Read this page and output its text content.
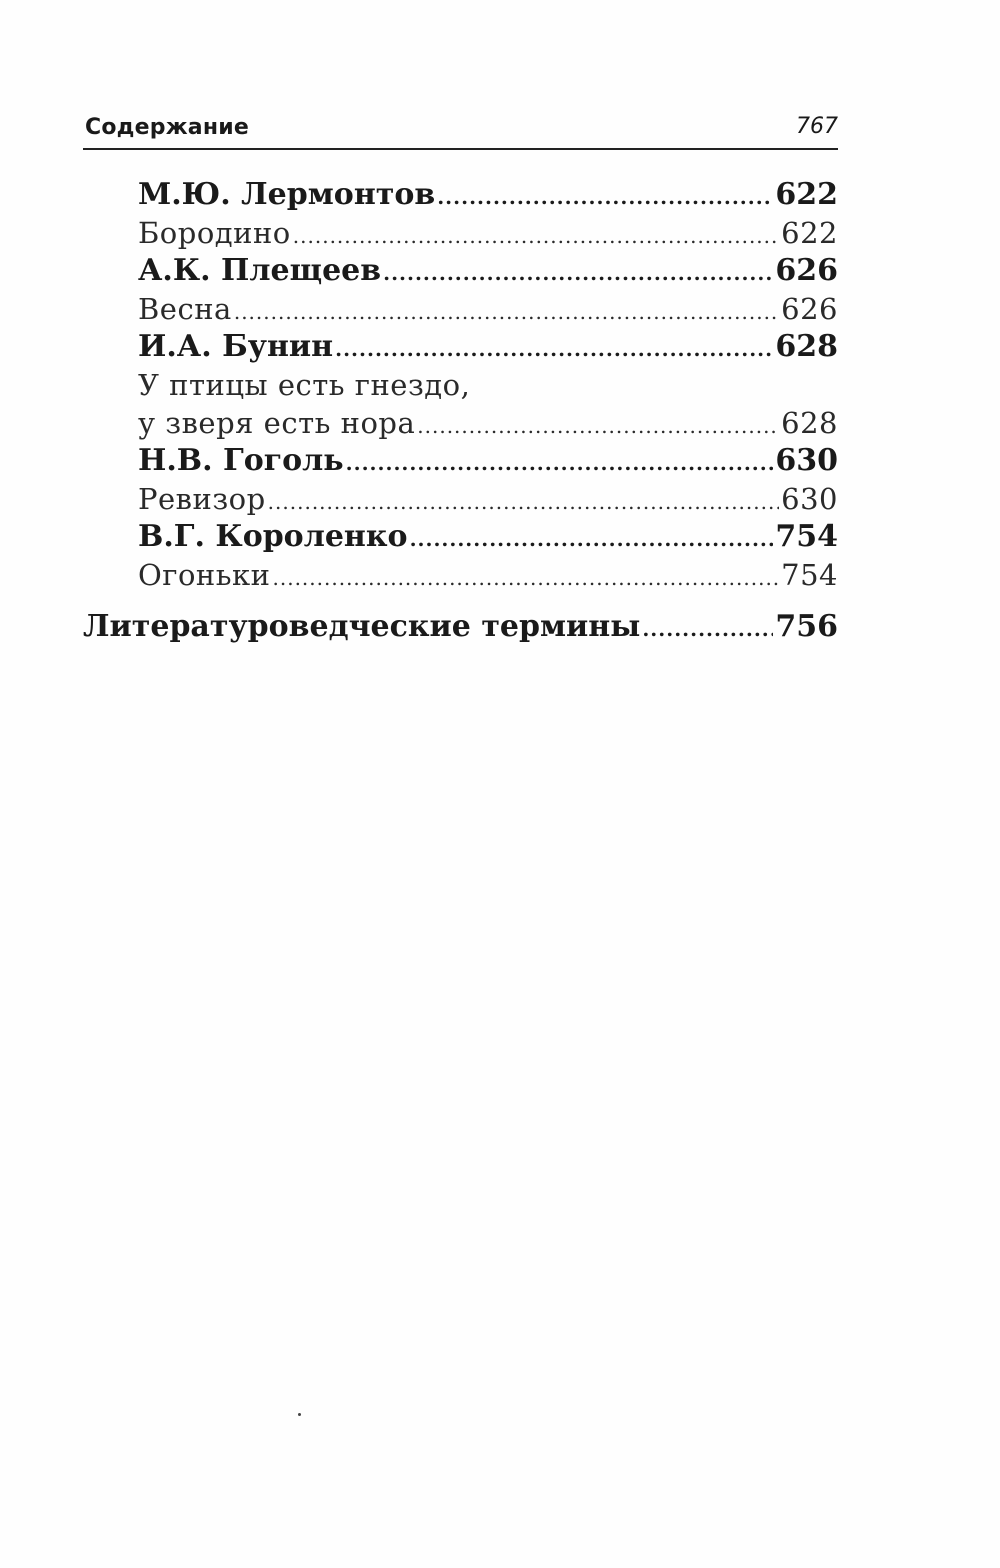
Содержание	767
М.Ю. Лермонтов .....	622
Бородино .....	622
А.К. Плещеев .....	626
Весна .....	626
И.А. Бунин .....	628
У птицы есть гнездо,
у зверя есть нора .....	628
Н.В. Гоголь .....	630
Ревизор .....	630
В.Г. Короленко .....	754
Огоньки .....	754
Литературоведческие термины .....	756
